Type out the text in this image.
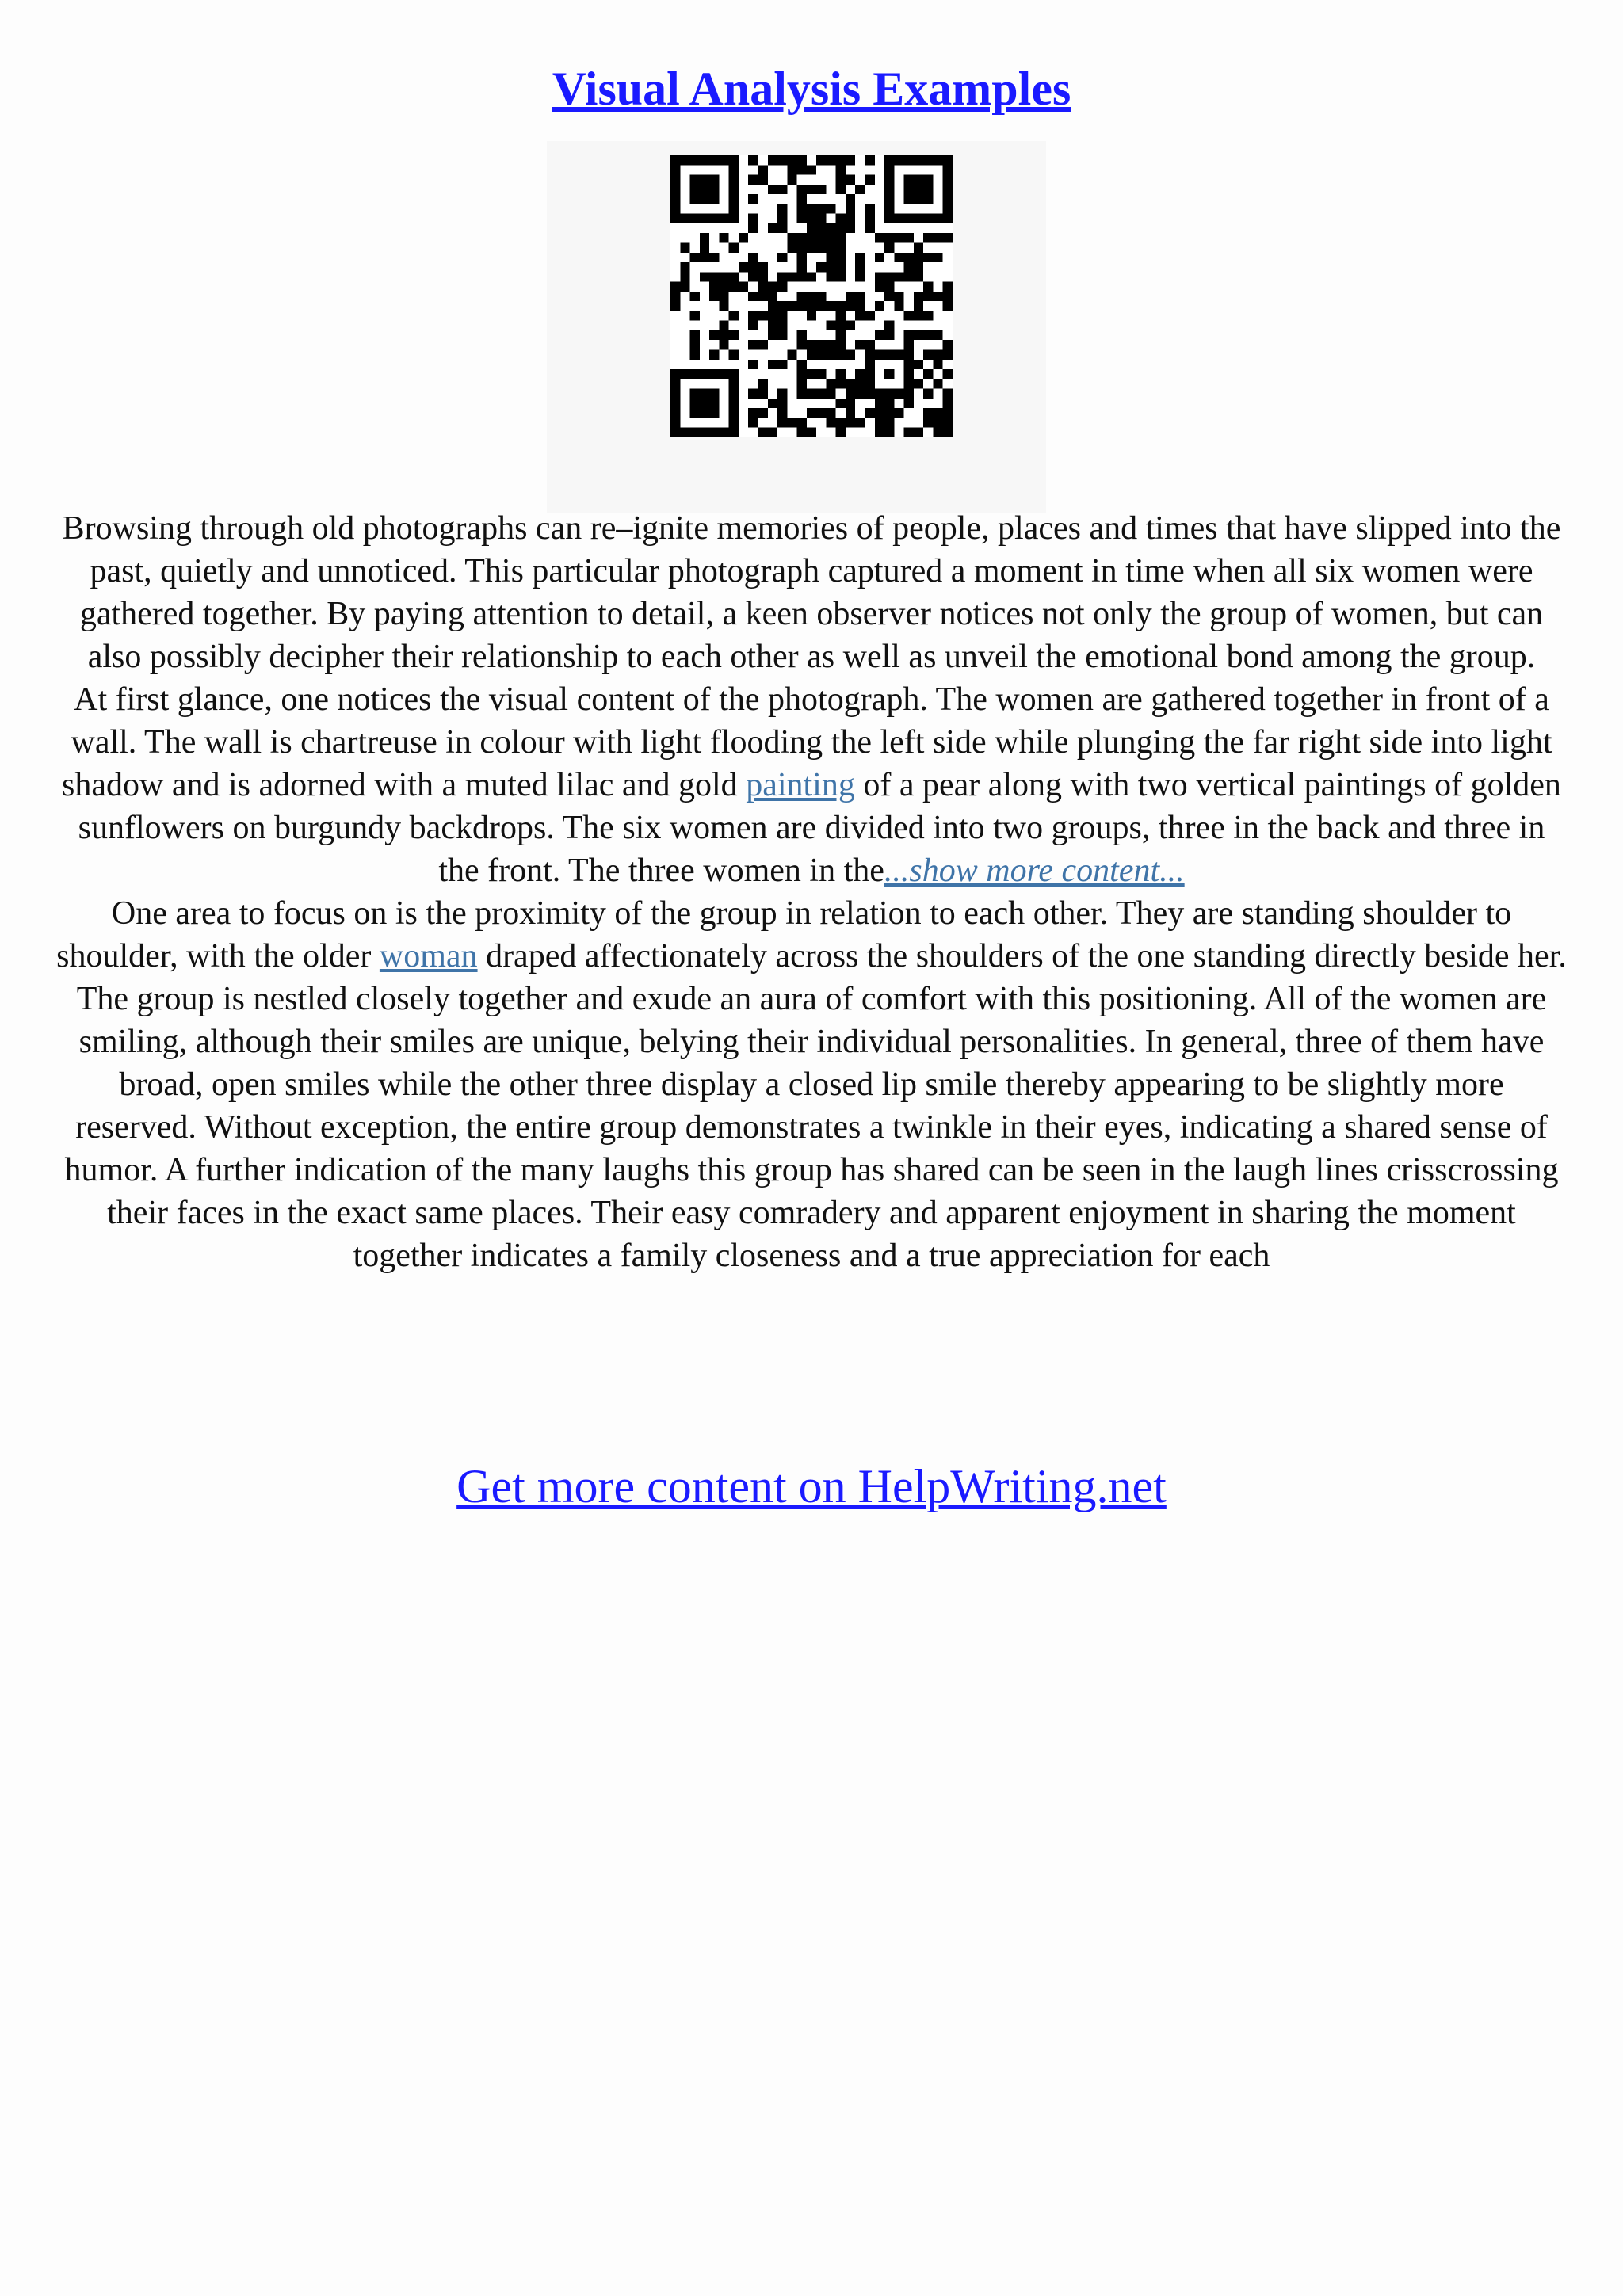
Visual Analysis Examples

Browsing through old photographs can re–ignite memories of people, places and times that have slipped into the past, quietly and unnoticed. This particular photograph captured a moment in time when all six women were gathered together. By paying attention to detail, a keen observer notices not only the group of women, but can also possibly decipher their relationship to each other as well as unveil the emotional bond among the group.

At first glance, one notices the visual content of the photograph. The women are gathered together in front of a wall. The wall is chartreuse in colour with light flooding the left side while plunging the far right side into light shadow and is adorned with a muted lilac and gold painting of a pear along with two vertical paintings of golden sunflowers on burgundy backdrops. The six women are divided into two groups, three in the back and three in the front. The three women in the...show more content...

One area to focus on is the proximity of the group in relation to each other. They are standing shoulder to shoulder, with the older woman draped affectionately across the shoulders of the one standing directly beside her. The group is nestled closely together and exude an aura of comfort with this positioning. All of the women are smiling, although their smiles are unique, belying their individual personalities. In general, three of them have broad, open smiles while the other three display a closed lip smile thereby appearing to be slightly more reserved. Without exception, the entire group demonstrates a twinkle in their eyes, indicating a shared sense of humor. A further indication of the many laughs this group has shared can be seen in the laugh lines crisscrossing their faces in the exact same places. Their easy comradery and apparent enjoyment in sharing the moment together indicates a family closeness and a true appreciation for each

Get more content on HelpWriting.net
